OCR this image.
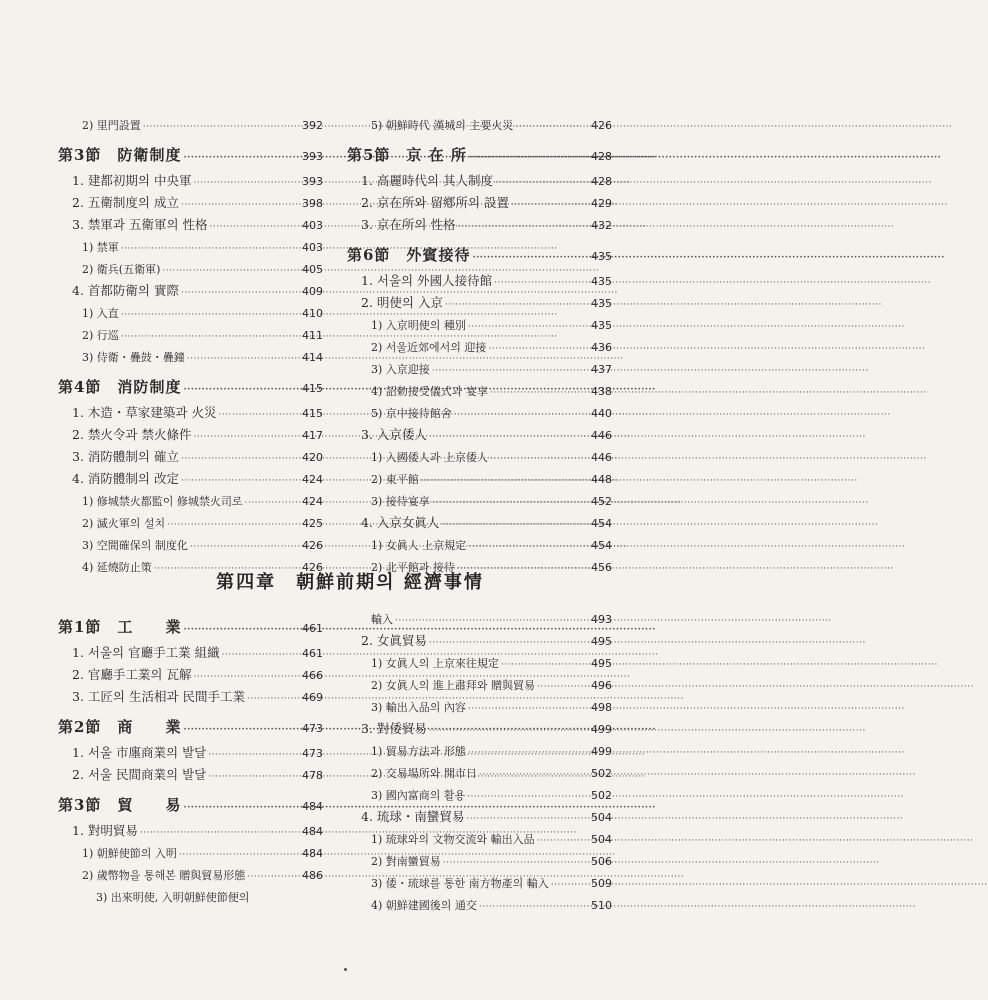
2) 里門設置 ·····	392
第3節　防衛制度 ·····	393
1. 建都初期의 中央軍 ·····	393
2. 五衛制度의 成立 ·····	398
3. 禁軍과 五衛軍의 性格 ·····	403
1) 禁軍 ·····	403
2) 衛兵(五衛軍) ·····	405
4. 首都防衛의 實際 ·····	409
1) 入直 ·····	410
2) 行巡 ·····	411
3) 侍衛・疊鼓・疊鐘 ·····	414
第4節　消防制度 ·····	415
1. 木造・草家建築과 火災 ·····	415
2. 禁火令과 禁火條件 ·····	417
3. 消防體制의 確立 ·····	420
4. 消防體制의 改定 ·····	424
1) 修城禁火都監이 修城禁火司로 ·····	424
2) 滅火軍의 설치 ·····	425
3) 空間確保의 制度化 ·····	426
4) 延燒防止策 ·····	426
5) 朝鮮時代 漢城의 主要火災 ·····	426
第5節　京 在 所 ·····	428
1. 高麗時代의 其人制度 ·····	428
2. 京在所와 留鄕所의 設置 ·····	429
3. 京在所의 性格 ·····	432
第6節　外賓接待 ·····	435
1. 서울의 外國人接待館 ·····	435
2. 明使의 入京 ·····	435
1) 入京明使의 種別 ·····	435
2) 서울近郊에서의 迎接 ·····	436
3) 入京迎接 ·····	437
4) 詔勅接受儀式과 宴享 ·····	438
5) 京中接待館舍 ·····	440
3. 入京倭人 ·····	446
1) 入國倭人과 上京倭人 ·····	446
2) 東平館 ·····	448
3) 接待宴享 ·····	452
4. 入京女眞人 ·····	454
1) 女眞人 上京規定 ·····	454
2) 北平館과 接待 ·····	456
第四章　朝鮮前期의 經濟事情
第1節　工　　業 ·····	461
1. 서울의 官廳手工業 組織 ·····	461
2. 官廳手工業의 瓦解 ·····	466
3. 工匠의 生活相과 民間手工業 ·····	469
第2節　商　　業 ·····	473
1. 서울 市廛商業의 발달 ·····	473
2. 서울 民間商業의 발달 ·····	478
第3節　貿　　易 ·····	484
1. 對明貿易 ·····	484
1) 朝鮮使節의 入明 ·····	484
2) 歲幣物을 통해본 贈與貿易形態 ·····	486
3) 出來明使, 入明朝鮮使節便의
輸入 ·····	493
2. 女眞貿易 ·····	495
1) 女眞人의 上京來往規定 ·····	495
2) 女眞人의 進上肅拜와 贈與貿易 ·····	496
3) 輸出入品의 內容 ·····	498
3. 對倭貿易 ·····	499
1) 貿易方法과 形態 ·····	499
2) 交易場所와 開市日 ·····	502
3) 國內富商의 활용 ·····	502
4. 琉球・南蠻貿易 ·····	504
1) 琉球와의 文物交流와 輸出入品 ·····	504
2) 對南蠻貿易 ·····	506
3) 倭・琉球를 통한 南方物產의 輸入 ·····	509
4) 朝鮮建國後의 通交 ·····	510
